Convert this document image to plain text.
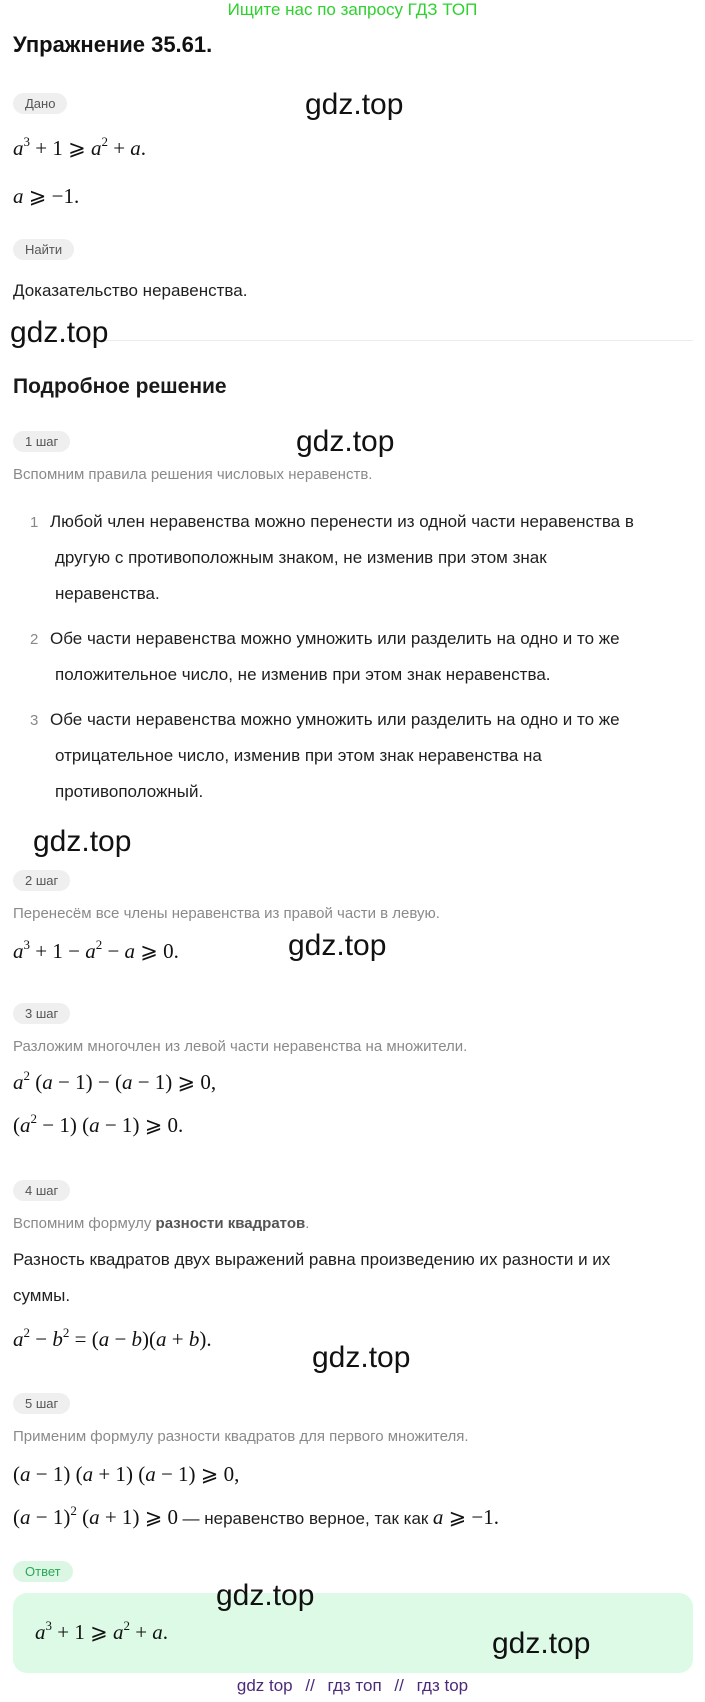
Ищите нас по запросу ГДЗ ТОП
Упражнение 35.61.
Дано
$a^3 + 1$ ⩾ $a^2 + a$.
a ⩾ −1.
Найти
Доказательство неравенства.
Подробное решение
1 шаг
Вспомним правила решения числовых неравенств.
1 Любой член неравенства можно перенести из одной части неравенства в
другую с противоположным знаком, не изменив при этом знак
неравенства.
2 Обе части неравенства можно умножить или разделить на одно и то же
положительное число, не изменив при этом знак неравенства.
3 Обе части неравенства можно умножить или разделить на одно и то же
отрицательное число, изменив при этом знак неравенства на
противоположный.
2 шаг
Перенесём все члены неравенства из правой части в левую.
$a^3 + 1 - a^2 - a$ ⩾ 0.
3 шаг
Разложим многочлен из левой части неравенства на множители.
$a^2$ (a − 1) − (a − 1) ⩾ 0,
$(a^2 - 1) (a - 1)$ ⩾ 0.
4 шаг
Вспомним формулу разности квадратов.
Разность квадратов двух выражений равна произведению их разности и их
суммы.
$a^2 - b^2 = (a - b)(a + b)$.
5 шаг
Применим формулу разности квадратов для первого множителя.
(a − 1) (a + 1) (a − 1) ⩾ 0,
$(a - 1)^2$ (a + 1) ⩾ 0 — неравенство верное, так как a ⩾ −1.
Ответ
$a^3 + 1$ ⩾ $a^2 + a$.
gdz.top
gdz.top
gdz.top
gdz.top
gdz.top
gdz.top
gdz.top
gdz.top
gdz top // гдз топ // гдз top
